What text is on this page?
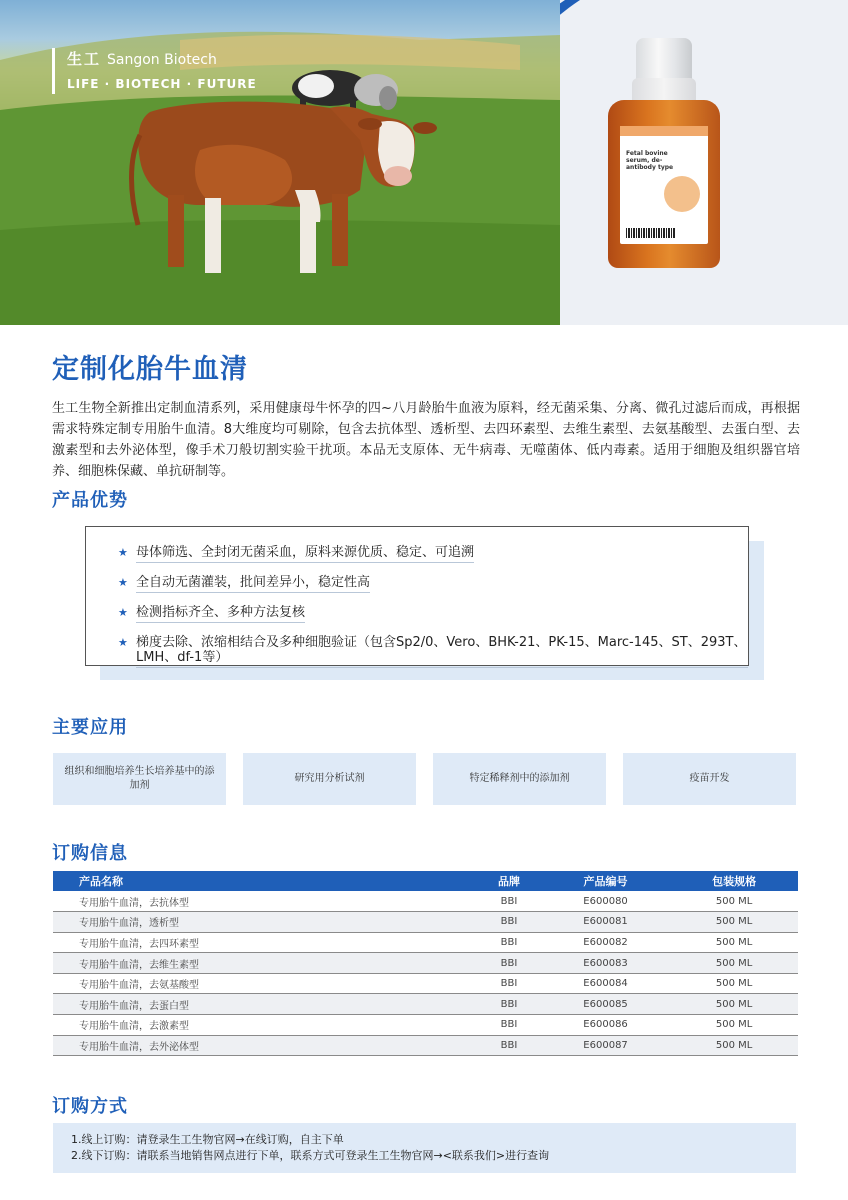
生工 Sangon Biotech
LIFE · BIOTECH · FUTURE
Fetal bovine serum, de-antibody type
定制化胎牛血清

生工生物全新推出定制血清系列，采用健康母牛怀孕的四~八月龄胎牛血液为原料，经无菌采集、分离、微孔过滤后而成，再根据需求特殊定制专用胎牛血清。8大维度均可剔除，包含去抗体型、透析型、去四环素型、去维生素型、去氨基酸型、去蛋白型、去激素型和去外泌体型，像手术刀般切割实验干扰项。本品无支原体、无牛病毒、无噬菌体、低内毒素。适用于细胞及组织器官培养、细胞株保藏、单抗研制等。

产品优势
★ 母体筛选、全封闭无菌采血，原料来源优质、稳定、可追溯
★ 全自动无菌灌装，批间差异小，稳定性高
★ 检测指标齐全、多种方法复核
★ 梯度去除、浓缩相结合及多种细胞验证（包含Sp2/0、Vero、BHK-21、PK-15、Marc-145、ST、293T、LMH、df-1等）
主要应用
组织和细胞培养生长培养基中的添加剂
研究用分析试剂	特定稀释剂中的添加剂	疫苗开发
订购信息
产品名称	品牌	产品编号	包装规格
专用胎牛血清，去抗体型	BBI	E600080	500 ML
专用胎牛血清，透析型	BBI	E600081	500 ML
专用胎牛血清，去四环素型	BBI	E600082	500 ML
专用胎牛血清，去维生素型	BBI	E600083	500 ML
专用胎牛血清，去氨基酸型	BBI	E600084	500 ML
专用胎牛血清，去蛋白型	BBI	E600085	500 ML
专用胎牛血清，去激素型	BBI	E600086	500 ML
专用胎牛血清，去外泌体型	BBI	E600087	500 ML
订购方式
1.线上订购：请登录生工生物官网→在线订购，自主下单
2.线下订购：请联系当地销售网点进行下单，联系方式可登录生工生物官网→<联系我们>进行查询
